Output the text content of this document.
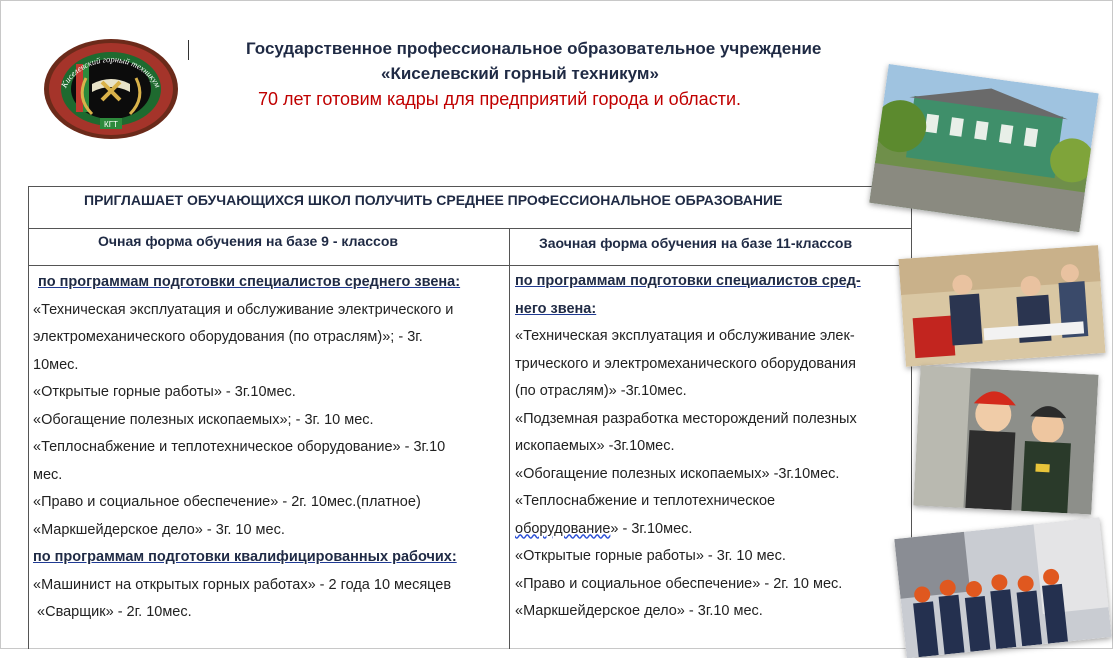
КГТ
Киселевский горный техникум
Государственное профессиональное образовательное учреждение
«Киселевский горный техникум»
70 лет готовим кадры для предприятий города и области.
ПРИГЛАШАЕТ ОБУЧАЮЩИХСЯ ШКОЛ ПОЛУЧИТЬ СРЕДНЕЕ ПРОФЕССИОНАЛЬНОЕ ОБРАЗОВАНИЕ
Очная форма обучения на базе 9 - классов	Заочная форма обучения на базе 11-классов
по программам подготовки специалистов среднего звена:
«Техническая эксплуатация и обслуживание электрического и
электромеханического оборудования (по отраслям)»; - 3г.
10мес.
«Открытые горные работы» - 3г.10мес.
«Обогащение полезных ископаемых»; - 3г. 10 мес.
«Теплоснабжение и теплотехническое оборудование» - 3г.10
мес.
«Право и социальное обеспечение» - 2г. 10мес.(платное)
«Маркшейдерское дело» - 3г. 10 мес.
по программам подготовки квалифицированных рабочих:
«Машинист на открытых горных работах» - 2 года 10 месяцев
«Сварщик» - 2г. 10мес.
по программам подготовки специалистов сред-
него звена:
«Техническая эксплуатация и обслуживание элек-
трического и электромеханического оборудования
(по отраслям)» -3г.10мес.
«Подземная разработка месторождений полезных
ископаемых» -3г.10мес.
«Обогащение полезных ископаемых» -3г.10мес.
«Теплоснабжение и теплотехническое
оборудование» - 3г.10мес.
«Открытые горные работы» - 3г. 10 мес.
«Право и социальное обеспечение» - 2г. 10 мес.
«Маркшейдерское дело» - 3г.10 мес.
